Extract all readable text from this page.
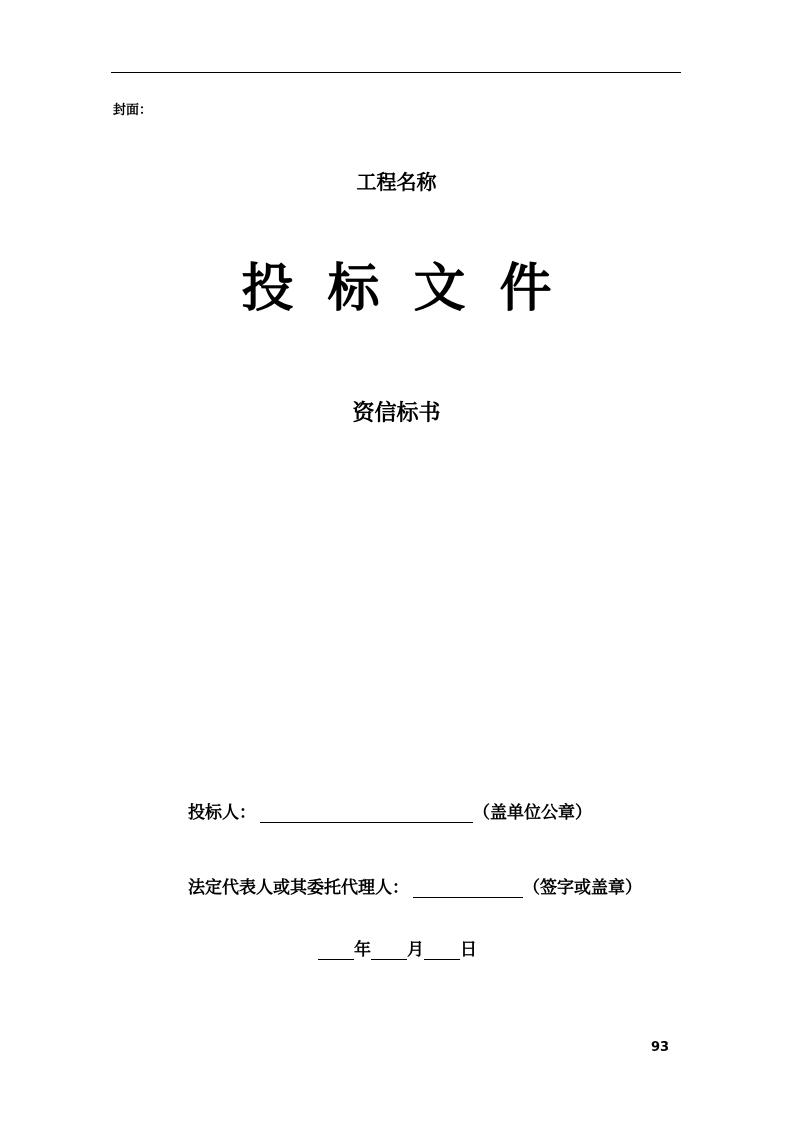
封面：
工程名称
投 标 文 件
资信标书
投标人：	（盖单位公章）
法定代表人或其委托代理人：	（签字或盖章）
年 月 日
93
